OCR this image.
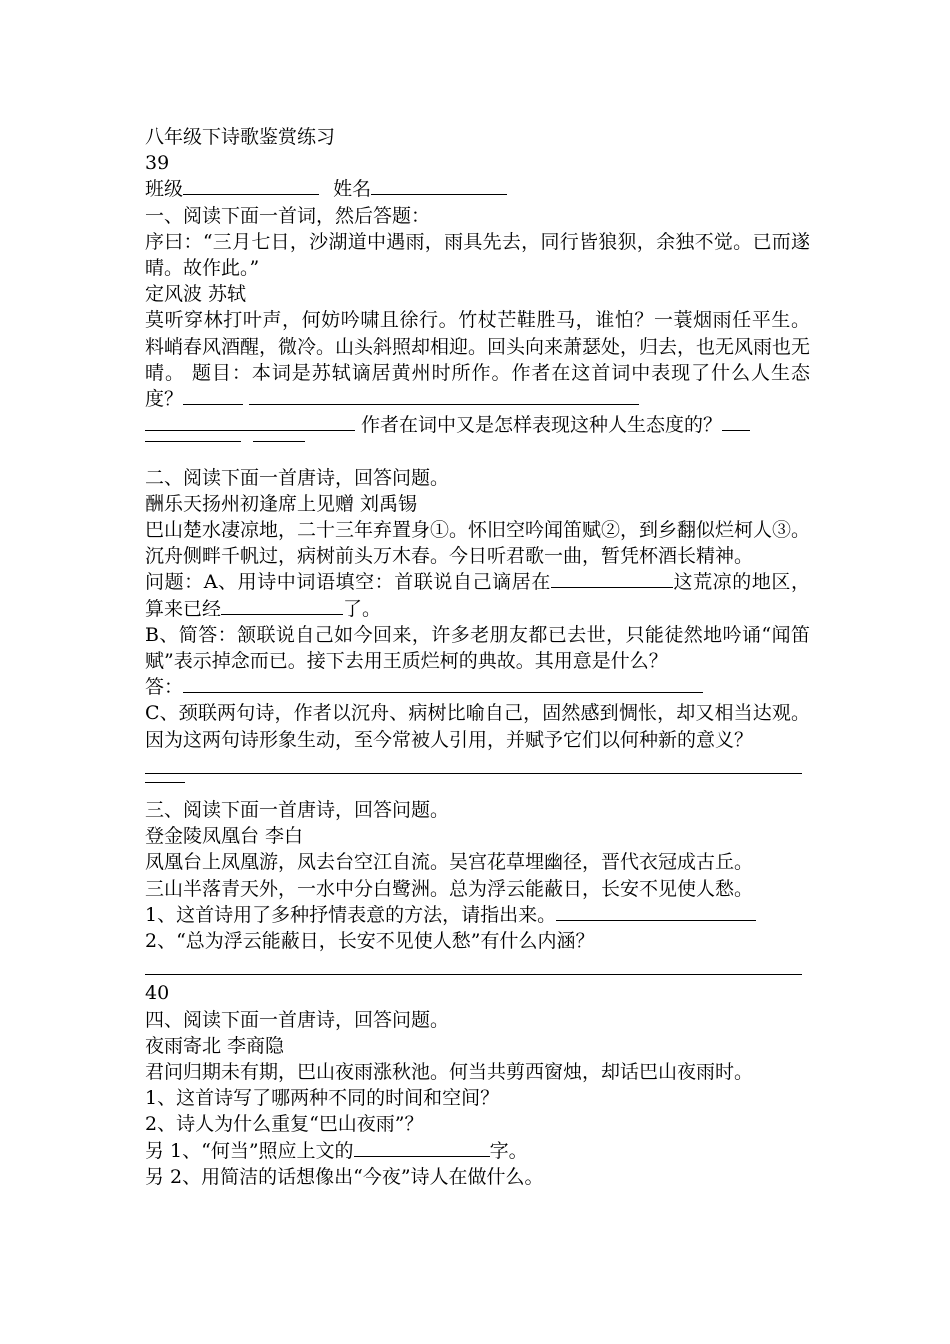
八年级下诗歌鉴赏练习
39
班级	姓名
一、阅读下面一首词，然后答题：
序曰：“三月七日，沙湖道中遇雨，雨具先去，同行皆狼狈，余独不觉。已而遂晴。故作此。”
定风波 苏轼
莫听穿林打叶声，何妨吟啸且徐行。竹杖芒鞋胜马，谁怕？一蓑烟雨任平生。 料峭春风酒醒，微冷。山头斜照却相迎。回头向来萧瑟处，归去，也无风雨也无晴。 题目：本词是苏轼谪居黄州时所作。作者在这首词中表现了什么人生态度？
作者在词中又是怎样表现这种人生态度的？

二、阅读下面一首唐诗，回答问题。
酬乐天扬州初逢席上见赠 刘禹锡
巴山楚水凄凉地，二十三年弃置身①。怀旧空吟闻笛赋②，到乡翻似烂柯人③。 沉舟侧畔千帆过，病树前头万木春。今日听君歌一曲，暂凭杯酒长精神。
问题：A、用诗中词语填空：首联说自己谪居在	这荒凉的地区，算来已经	了。
B、简答：颔联说自己如今回来，许多老朋友都已去世，只能徒然地吟诵“闻笛赋”表示掉念而已。接下去用王质烂柯的典故。其用意是什么？
答：
C、颈联两句诗，作者以沉舟、病树比喻自己，固然感到惆怅，却又相当达观。因为这两句诗形象生动，至今常被人引用，并赋予它们以何种新的意义？
三、阅读下面一首唐诗，回答问题。
登金陵凤凰台 李白
凤凰台上凤凰游，凤去台空江自流。吴宫花草埋幽径，晋代衣冠成古丘。
三山半落青天外，一水中分白鹭洲。总为浮云能蔽日，长安不见使人愁。
1、这首诗用了多种抒情表意的方法，请指出来。
2、“总为浮云能蔽日，长安不见使人愁”有什么内涵？
40
四、阅读下面一首唐诗，回答问题。
夜雨寄北 李商隐
君问归期未有期，巴山夜雨涨秋池。何当共剪西窗烛，却话巴山夜雨时。
1、这首诗写了哪两种不同的时间和空间？
2、诗人为什么重复“巴山夜雨”？
另 1、“何当”照应上文的	字。
另 2、用简洁的话想像出“今夜”诗人在做什么。
